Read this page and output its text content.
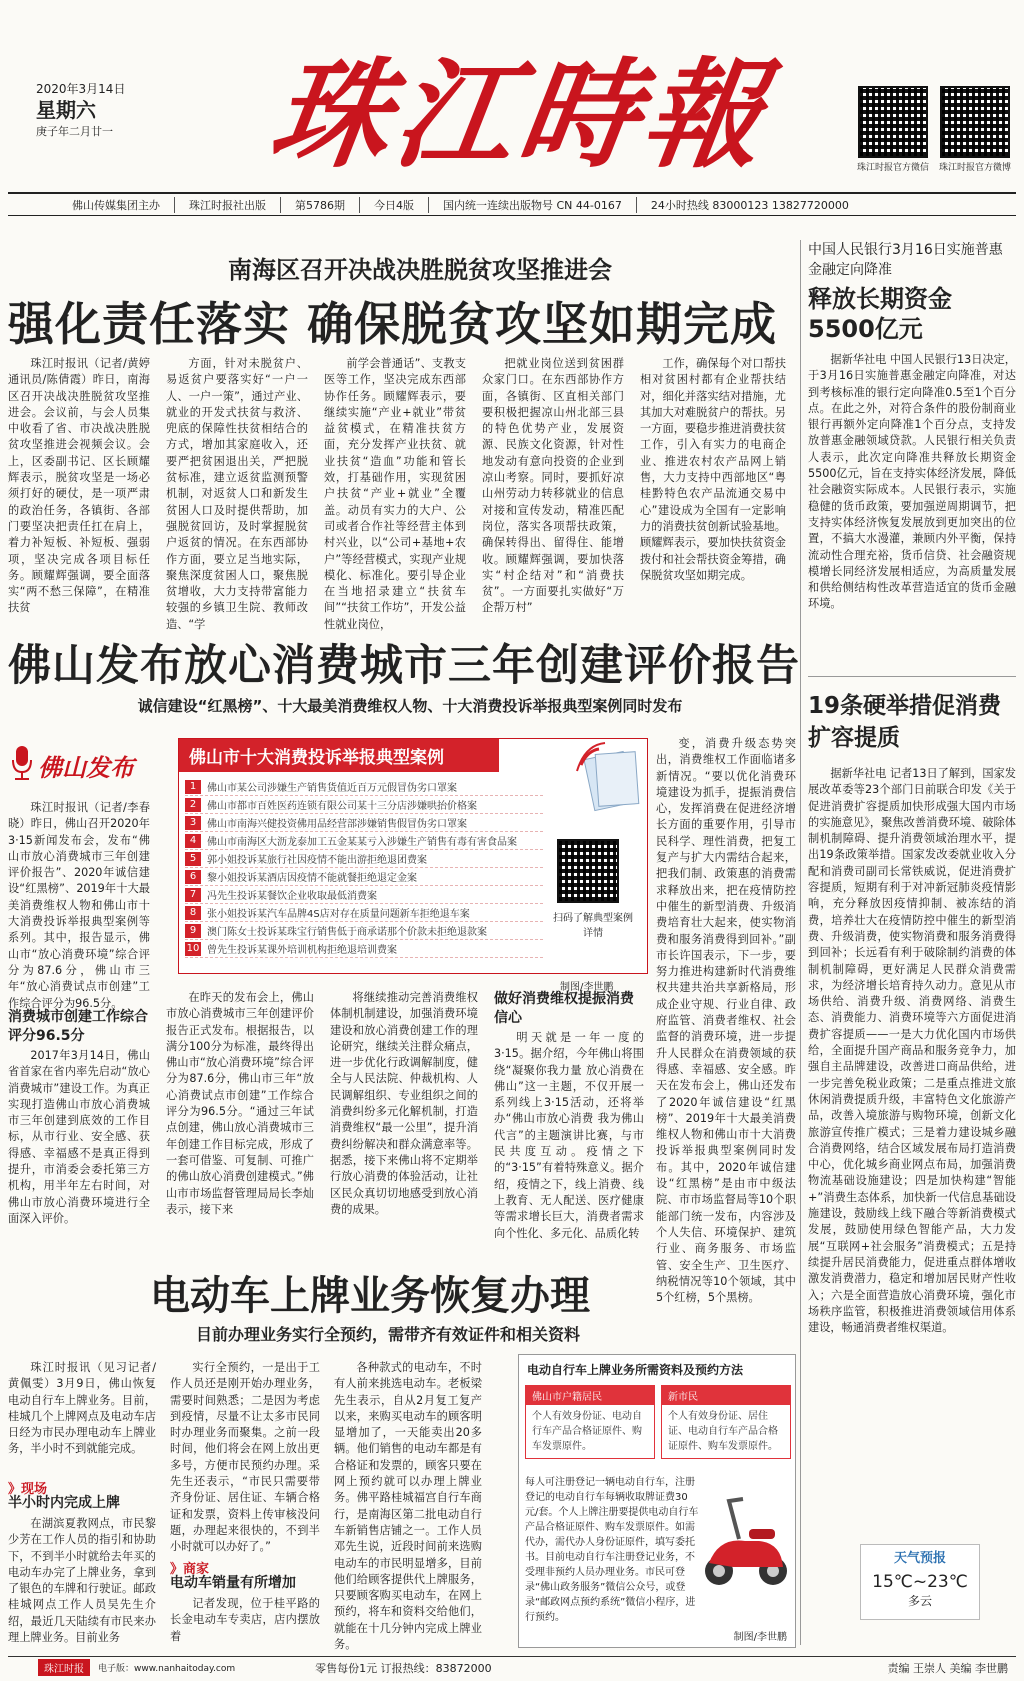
2020年3月14日
星期六
庚子年二月廿一	珠江時報	珠江时报官方微信	珠江时报官方微博
佛山传媒集团主办	珠江时报社出版	第5786期	今日4版	国内统一连续出版物号 CN 44-0167	24小时热线 83000123 13827720000
南海区召开决战决胜脱贫攻坚推进会
强化责任落实 确保脱贫攻坚如期完成

珠江时报讯（记者/黄婷 通讯员/陈倩霞）昨日，南海区召开决战决胜脱贫攻坚推进会。会议前，与会人员集中收看了省、市决战决胜脱贫攻坚推进会视频会议。会上，区委副书记、区长顾耀辉表示，脱贫攻坚是一场必须打好的硬仗，是一项严肃的政治任务，各镇街、各部门要坚决把责任扛在肩上，着力补短板、补短板、强弱项，坚决完成各项目标任务。顾耀辉强调，要全面落实“两不愁三保障”，在精准扶贫

方面，针对未脱贫户、易返贫户要落实好“一户一人、一户一策”，通过产业、就业的开发式扶贫与救济、兜底的保障性扶贫相结合的方式，增加其家庭收入，还要严把贫困退出关，严把脱贫标准，建立返贫监测预警机制，对返贫人口和新发生贫困人口及时提供帮助，加强脱贫回访，及时掌握脱贫户返贫的情况。在东西部协作方面，要立足当地实际，聚焦深度贫困人口，聚焦脱贫增收，大力支持带富能力较强的乡镇卫生院、教师改造、“学

前学会普通话”、支教支医等工作，坚决完成东西部协作任务。顾耀辉表示，要继续实施“产业+就业”带贫益贫模式，在精准扶贫方面，充分发挥产业扶贫、就业扶贫“造血”功能和管长效，打基础作用，实现贫困户扶贫“产业+就业”全覆盖。动员有实力的大户、公司或者合作社等经营主体到村兴业，以“公司+基地+农户”等经营模式，实现产业规模化、标准化。要引导企业在当地招录建立“扶贫车间”“扶贫工作坊”，开发公益性就业岗位，

把就业岗位送到贫困群众家门口。在东西部协作方面，各镇街、区直相关部门要积极把握凉山州北部三县的特色优势产业，发展资源、民族文化资源，针对性地发动有意向投资的企业到凉山考察。同时，要抓好凉山州劳动力转移就业的信息对接和宣传发动，精准匹配岗位，落实各项帮扶政策，确保转得出、留得住、能增收。顾耀辉强调，要加快落实“村企结对”和“消费扶贫”。一方面要扎实做好“万企帮万村”

工作，确保每个对口帮扶相对贫困村都有企业帮扶结对，细化并落实结对措施，尤其加大对难脱贫户的帮扶。另一方面，要稳步推进消费扶贫工作，引入有实力的电商企业、推进农村农产品网上销售，大力支持中西部地区“粤桂黔特色农产品流通交易中心”建设成为全国有一定影响力的消费扶贫创新试验基地。顾耀辉表示，要加快扶贫资金拨付和社会帮扶资金筹措，确保脱贫攻坚如期完成。

佛山发布放心消费城市三年创建评价报告
诚信建设“红黑榜”、十大最美消费维权人物、十大消费投诉举报典型案例同时发布
佛山发布	佛山市十大消费投诉举报典型案例
1	佛山市某公司涉嫌生产销售货值近百万元假冒伪劣口罩案
2	佛山市都市百姓医药连锁有限公司某十三分店涉嫌哄抬价格案
3	佛山市南海兴健投资佛用品经营部涉嫌销售假冒伪劣口罩案
4	佛山市南海区大沥龙泰加工五金某某亏入涉嫌生产销售有毒有害食品案
5	郭小姐投诉某旅行社因疫情不能出游拒绝退团费案
6	黎小姐投诉某酒店因疫情不能就餐拒绝退定金案
7	冯先生投诉某餐饮企业收取最低消费案
8	张小姐投诉某汽车品牌4S店对存在质量问题新车拒绝退车案
9	澳门陈女士投诉某珠宝行销售低于商承诺那个价款未拒绝退款案
10 曾先生投诉某课外培训机构拒绝退培训费案
扫码了解典型案例详情
制图/李世鹏

变，消费升级态势突出，消费维权工作面临诸多新情况。“要以优化消费环境建设为抓手，提振消费信心，发挥消费在促进经济增长方面的重要作用，引导市民科学、理性消费，把复工复产与扩大内需结合起来，把我们制、政策惠的消费需求释放出来，把在疫情防控中催生的新型消费、升级消费培育壮大起来，使实物消费和服务消费得到回补。”副市长许国表示，下一步，要努力推进构建新时代消费维权共建共治共享新格局，形成企业守规、行业自律、政府监管、消费者维权、社会监督的消费环境，进一步提升人民群众在消费领域的获得感、幸福感、安全感。昨天在发布会上，佛山还发布了2020年诚信建设“红黑榜”、2019年十大最美消费维权人物和佛山市十大消费投诉举报典型案例同时发布。其中，2020年诚信建设“红黑榜”是由市中级法院、市市场监督局等10个职能部门统一发布，内容涉及个人失信、环境保护、建筑行业、商务服务、市场监管、安全生产、卫生医疗、纳税情况等10个领域，其中5个红榜，5个黑榜。

珠江时报讯（记者/李春晓）昨日，佛山召开2020年3·15新闻发布会，发布“佛山市放心消费城市三年创建评价报告”、2020年诚信建设“红黑榜”、2019年十大最美消费维权人物和佛山市十大消费投诉举报典型案例等系列。其中，报告显示，佛山市“放心消费环境”综合评分为87.6分，佛山市三年“放心消费试点市创建”工作综合评分为96.5分。

消费城市创建工作综合评分96.5分

2017年3月14日，佛山省首家在省内率先启动“放心消费城市”建设工作。为真正实现打造佛山市放心消费城市三年创建到底效的工作目标，从市行业、安全感、获得感、幸福感不是真正得到提升，市消委会委托第三方机构，用半年左右时间，对佛山市放心消费环境进行全面深入评价。

在昨天的发布会上，佛山市放心消费城市三年创建评价报告正式发布。根据报告，以满分100分为标准，最终得出佛山市“放心消费环境”综合评分为87.6分，佛山市三年“放心消费试点市创建”工作综合评分为96.5分。“通过三年试点创建，佛山放心消费城市三年创建工作目标完成，形成了一套可借鉴、可复制、可推广的佛山放心消费创建模式。”佛山市市场监督管理局局长李灿表示，接下来

将继续推动完善消费维权体制机制建设，加强消费环境建设和放心消费创建工作的理论研究，继续关注群众痛点，进一步优化行政调解制度，健全与人民法院、仲裁机构、人民调解组织、专业组织之间的消费纠纷多元化解机制，打造消费维权“最一公里”，提升消费纠纷解决和群众满意率等。据悉，接下来佛山将不定期举行放心消费的体验活动，让社区民众真切切地感受到放心消费的成果。

做好消费维权提振消费信心

明天就是一年一度的3·15。据介绍，今年佛山将围绕“凝聚你我力量 放心消费在佛山”这一主题，不仅开展一系列线上3·15活动，还将举办“佛山市放心消费 我为佛山代言”的主题演讲比赛，与市民共度互动。疫情之下的“3·15”有着特殊意义。据介绍，疫情之下，线上消费、线上教育、无人配送、医疗健康等需求增长巨大，消费者需求向个性化、多元化、品质化转

电动车上牌业务恢复办理
目前办理业务实行全预约，需带齐有效证件和相关资料

珠江时报讯（见习记者/黄佩雯）3月9日，佛山恢复电动自行车上牌业务。目前，桂城几个上牌网点及电动车店日经为市民办理电动车上牌业务，半小时不到就能完成。

》现场
半小时内完成上牌

在湖滨夏教网点，市民黎少芳在工作人员的指引和协助下，不到半小时就给去年买的电动车办完了上牌业务，拿到了银色的车牌和行驶证。邮政桂城网点工作人员吴先生介绍，最近几天陆续有市民来办理上牌业务。目前业务

实行全预约，一是出于工作人员还是刚开始办理业务，需要时间熟悉；二是因为考虑到疫情，尽量不让太多市民同时办理业务而聚集。之前一段时间，他们将会在网上放出更多号，方便市民预约办理。采先生还表示，“市民只需要带齐身份证、居住证、车辆合格证和发票，资料上传审核没问题，办理起来很快的，不到半小时就可以办好了。”

》商家
电动车销量有所增加

记者发现，位于桂平路的长金电动车专卖店，店内摆放着

各种款式的电动车，不时有人前来挑选电动车。老板梁先生表示，自从2月复工复产以来，来购买电动车的顾客明显增加了，一天能卖出20多辆。他们销售的电动车都是有合格证和发票的，顾客只要在网上预约就可以办理上牌业务。佛平路桂城福宫自行车商行，是南海区第二批电动自行车新销售店铺之一。工作人员邓先生说，近段时间前来选购电动车的市民明显增多，目前他们给顾客提供代上牌服务，只要顾客购买电动车，在网上预约，将车和资料交给他们，就能在十几分钟内完成上牌业务。

电动自行车上牌业务所需资料及预约方法
佛山市户籍居民
个人有效身份证、电动自行车产品合格证原件、购车发票原件。
新市民
个人有效身份证、居住证、电动自行车产品合格证原件、购车发票原件。
每人可注册登记一辆电动自行车，注册登记的电动自行车每辆收取牌证费30元/套。个人上牌注册要提供电动自行车产品合格证原件、购车发票原件。如需代办，需代办人身份证原件，填写委托书。目前电动自行车注册登记业务，不受理非预约人员办理业务。市民可登录“佛山政务服务”微信公众号，或登录“邮政网点预约系统”微信小程序，进行预约。
制图/李世鹏
中国人民银行3月16日实施普惠金融定向降准
释放长期资金5500亿元

据新华社电 中国人民银行13日决定，于3月16日实施普惠金融定向降准，对达到考核标准的银行定向降准0.5至1个百分点。在此之外，对符合条件的股份制商业银行再额外定向降准1个百分点，支持发放普惠金融领域贷款。人民银行相关负责人表示，此次定向降准共释放长期资金5500亿元，旨在支持实体经济发展，降低社会融资实际成本。人民银行表示，实施稳健的货币政策，要加强逆周期调节，把支持实体经济恢复发展放到更加突出的位置，不搞大水漫灌，兼顾内外平衡，保持流动性合理充裕，货币信贷、社会融资规模增长同经济发展相适应，为高质量发展和供给侧结构性改革营造适宜的货币金融环境。

19条硬举措促消费扩容提质

据新华社电 记者13日了解到，国家发展改革委等23个部门日前联合印发《关于促进消费扩容提质加快形成强大国内市场的实施意见》，聚焦改善消费环境、破除体制机制障碍、提升消费领域治理水平，提出19条政策举措。国家发改委就业收入分配和消费司副司长常铁威说，促进消费扩容提质，短期有利于对冲新冠肺炎疫情影响，充分释放因疫情抑制、被冻结的消费，培养壮大在疫情防控中催生的新型消费、升级消费，使实物消费和服务消费得到回补；长远看有利于破除制约消费的体制机制障碍，更好满足人民群众消费需求，为经济增长培育持久动力。意见从市场供给、消费升级、消费网络、消费生态、消费能力、消费环境等六方面促进消费扩容提质——一是大力优化国内市场供给，全面提升国产商品和服务竞争力，加强自主品牌建设，改善进口商品供给，进一步完善免税业政策；二是重点推进文旅休闲消费提质升级，丰富特色文化旅游产品，改善入境旅游与购物环境，创新文化旅游宣传推广模式；三是着力建设城乡融合消费网络，结合区域发展布局打造消费中心，优化城乡商业网点布局，加强消费物流基础设施建设；四是加快构建“智能+”消费生态体系，加快新一代信息基础设施建设，鼓励线上线下融合等新消费模式发展，鼓励使用绿色智能产品，大力发展“互联网+社会服务”消费模式；五是持续提升居民消费能力，促进重点群体增收激发消费潜力，稳定和增加居民财产性收入；六是全面营造放心消费环境，强化市场秩序监管，积极推进消费领域信用体系建设，畅通消费者维权渠道。

天气预报
15℃~23℃
多云
珠江时报	电子版：www.nanhaitoday.com	零售每份1元 订报热线：83872000	责编 王崇人 美编 李世鹏
